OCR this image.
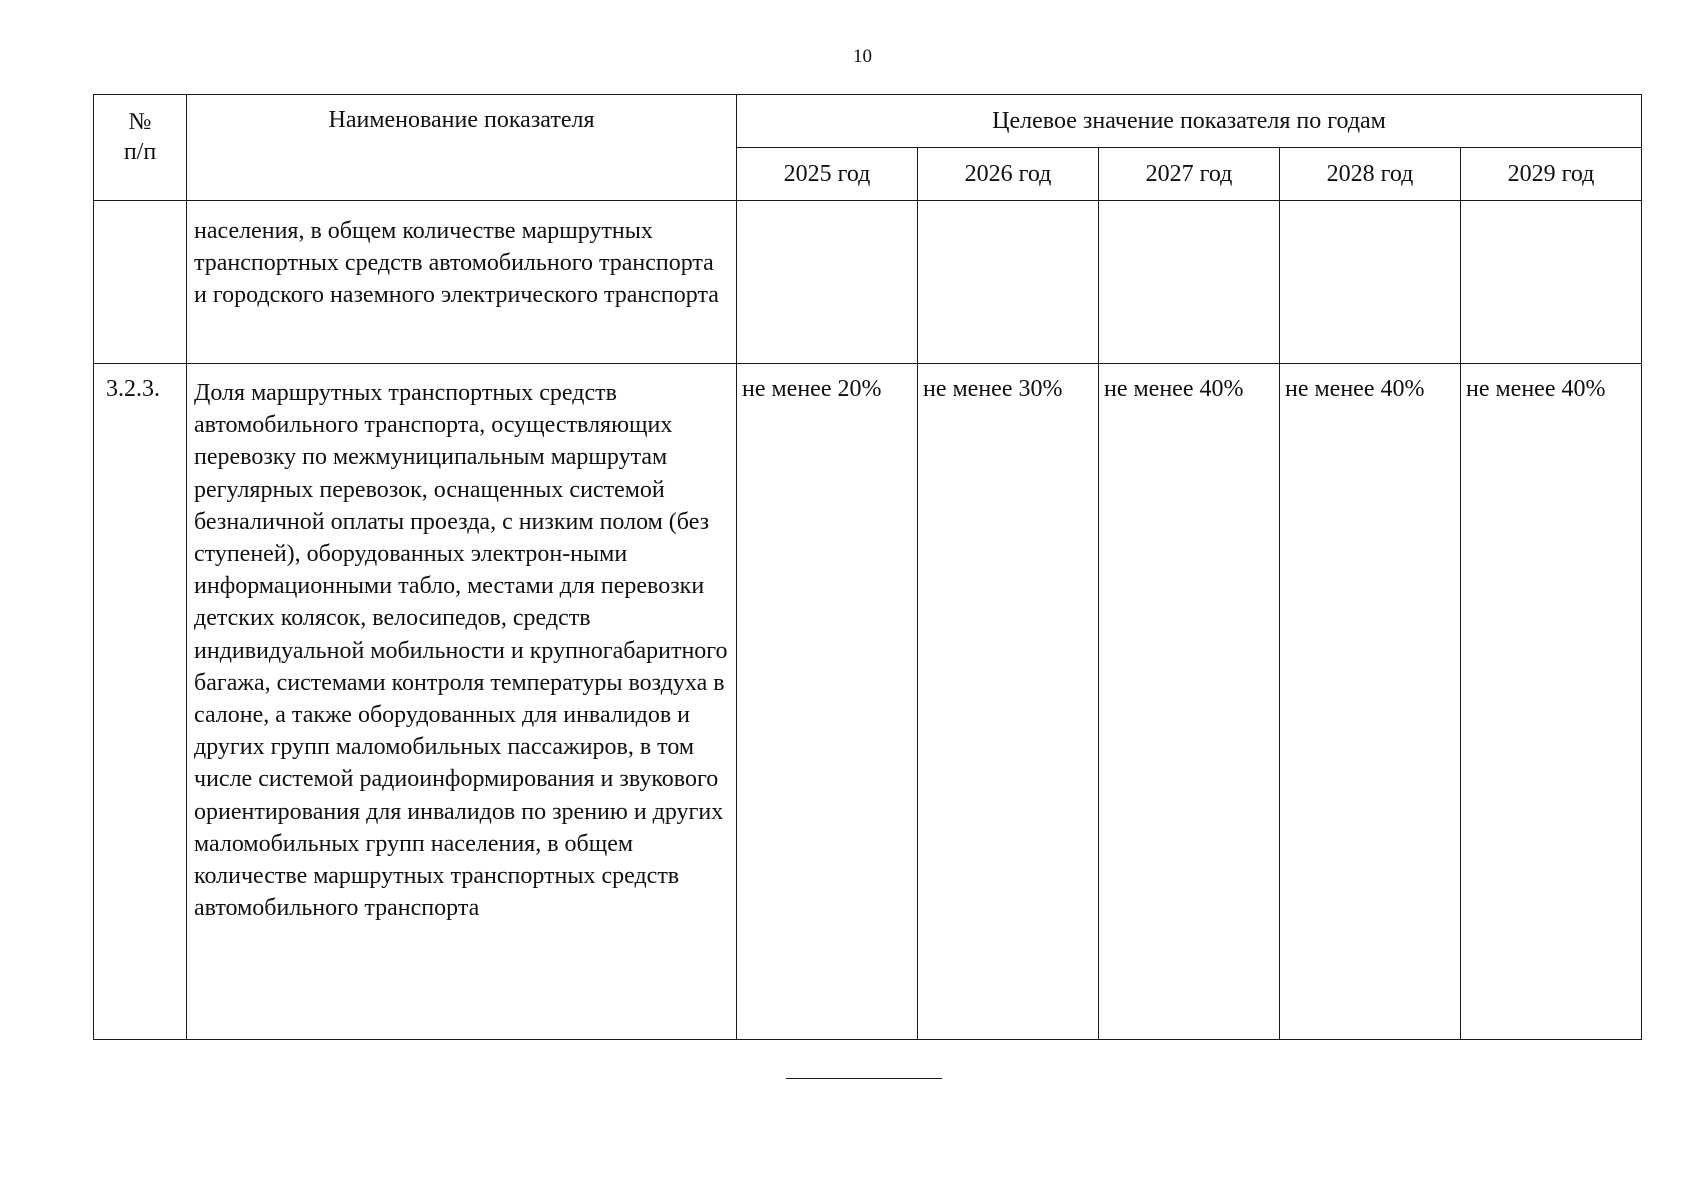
10
№
п/п	Наименование показателя	Целевое значение показателя по годам				
		2025 год	2026 год	2027 год	2028 год	2029 год
	населения, в общем количестве маршрутных транспортных средств автомобильного транспорта и городского наземного электрического транспорта					
3.2.3.	Доля маршрутных транспортных средств автомобильного транспорта, осуществляющих перевозку по межмуниципальным маршрутам регулярных перевозок, оснащенных системой безналичной оплаты проезда, с низким полом (без ступеней), оборудованных электрон-ными информационными табло, местами для перевозки детских колясок, велосипедов, средств индивидуальной мобильности и крупногабаритного багажа, системами контроля температуры воздуха в салоне, а также оборудованных для инвалидов и других групп маломобильных пассажиров, в том числе системой радиоинформирования и звукового ориентирования для инвалидов по зрению и других маломобильных групп населения, в общем количестве маршрутных транспортных средств автомобильного транспорта	не менее 20%	не менее 30%	не менее 40%	не менее 40%	не менее 40%
